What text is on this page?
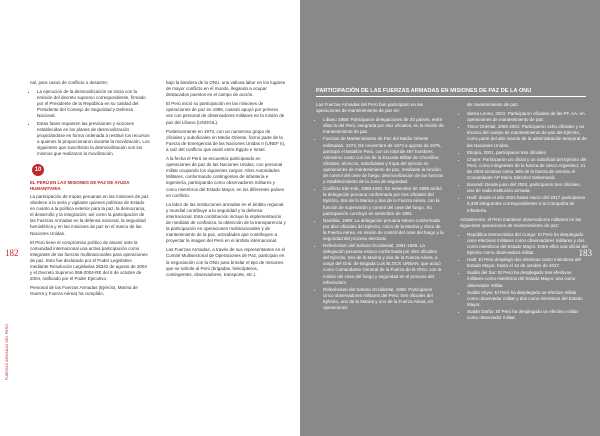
FUERZAS ARMADAS DEL PERÚ
182

nal, para casos de conflicto o desastre;

• La ejecución de la desmovilización se inicia con la emisión del decreto supremo correspondiente, firmado por el Presidente de la República en su calidad del Presidente del Consejo de Seguridad y Defensa Nacional.
• Estas fases requieren las previsiones y acciones establecidas en los planes de desmovilización propiciándose en forma ordenada a restituir los recursos a quienes lo proporcionaron durante la movilización. Los siguientes que suscribirán la desmovilización son los mismos que realizaron la movilización.
10
EL PERÚ EN LAS MISIONES DE PAZ DE AYUDA HUMANITARIA

La participación de tropas peruanas en las misiones de paz obedece a la seria y vigilante quienes políticas de Estado en cuanto a la política exterior para la paz, la democracia, el desarrollo y la integración; así como la participación de las Fuerzas Armadas en la defensa nacional, la seguridad hemisférica y en las misiones de paz en el marco de las Naciones Unidas.

El Perú tiene el compromiso político de asumir ante la comunidad internacional una activa participación como integrante de las fuerzas multinacionales para operaciones de paz. Esto fue declarado por el Poder Legislativo mediante Resolución Legislativa 28342 de agosto de 2004 y el Decreto Supremo 069-2004-RE del 6 de octubre de 2004, ratificado por el Poder Ejecutivo.

Personal de las Fuerzas Armadas (Ejército, Marina de Guerra y Fuerza Aérea) ha cumplido,

bajo la bandera de la ONU, una valiosa labor en los lugares de mayor conflicto en el mundo, llegando a ocupar destacados puestos en el campo de acción.

El Perú inició su participación en las misiones de operaciones de paz en 1958, cuando apoyó por primera vez con personal de observadores militares en la misión de paz del Líbano (UNOGIL).

Posteriormente en 1973, con un numeroso grupo de oficiales y suboficiales en Medio Oriente, formó parte de la Fuerza de Emergencia de las Naciones Unidas II (UNEF II), a raíz del conflicto que asoló entre Egipto e Israel.

A la fecha el Perú se encuentra participando en operaciones de paz de las Naciones Unidas, con personal militar ocupando los siguientes cargos: Altos Autoridades Militares, conformando contingentes de infantería e ingeniería, participando como observadores militares y como miembros del Estado Mayor, en los diferentes países en conflicto.

La labor de las instituciones armadas en el ámbito regional y mundial contribuye a la seguridad y la defensa internacional. Esta contribución incluye la implementación de medidas de confianza, la obtención de la transparencia y la participación en operaciones multinacionales y de mantenimiento de la paz, actividades que contribuyen a proyectar la imagen del Perú en el ámbito internacional.

Las Fuerzas Armadas, a través de sus representantes en el Comité Multisectorial de Operaciones de Paz, participan en la negociación con la ONU para brindar el tipo de misiones que se solicite al Perú (brigadas, helicópteros, contingentes, observadores, transporte, etc.).

183
PARTICIPACIÓN DE LAS FUERZAS ARMADAS EN MISIONES DE PAZ DE LA ONU

Las Fuerzas Armadas del Perú han participado en las operaciones de mantenimiento de paz en:

• Líbano 1958: Participaron delegaciones de 20 países, entre ellas la del Perú, integrada por diez oficiales, en la misión de mantenimiento de paz.
• Fuerzas de Mantenimiento de Paz del Medio Oriente enlistadas, 1974; De noviembre de 1973 a agosto de 1975, participó el Batallón Perú, con un total de 497 hombres. Asimismo contó con los de la Escuela Militar de Chorrillos; oficiales, técnicos, suboficiales y tropa del ejército en operaciones de mantenimiento de paz, mediante la función de control del cese de fuego, desmovilización de las fuerzas y establecimiento de la zona de seguridad.
• Conflicto Irán-Irak, 1988-1991: En setiembre de 1988 arribó la delegación peruana conformada por tres oficiales del Ejército, dos de la Marina y dos de la Fuerza Aérea, con la función de supervisión y control del cese del fuego. Su participación concluyó en setiembre de 1991.
• Namibia, 1989: La delegación peruana estuvo conformada por diez oficiales del Ejército, cinco de la Marina y cinco de la Fuerza Aérea, en misión de control del cese del fuego y la seguridad del proceso electoral.
• Referéndum del Sahara Occidental, 1991-1995: La delegación peruana estuvo conformada por diez oficiales del Ejército, tres de la Marina y dos de la Fuerza Aérea, a cargo del Gral. de Brigada Luis BLOCK URBAN, que actuó como Comandante General de la Fuerza de la ONU, con la misión del cese del fuego y seguridad en el proceso del referéndum.
• Referéndum del Sahara Occidental, 1996: Participaron cinco observadores militares del Perú: tres oficiales del Ejército, uno de la Marina y uno de la Fuerza Aérea, en operaciones

de mantenimiento de paz.

• Sierra Leona, 2001: Participaron oficiales de las FF. AA. en operaciones de mantenimiento de paz.
• Timor Oriental, 2000-2001: Participaron ocho oficiales y un técnico del cuerpo de mantenimiento de paz del Ejército, como parte del alto mando de la administración temporal de las Naciones Unidas.
• Etiopía, 2001, participaron tres oficiales.
• Chipre: Participaron un oficial y un suboficial del Ejército del Perú, como integrantes de la fuerza de casco Argentino; 21 de 2003 tomaron como Jefe de la fuerza de servicio el Comandante AP Mario Sánchez Debernardi.
• Burundi: Desde junio del 2004, participaron tres oficiales, uno de cada institución armada.
• Haití: desde el año 2004 hasta marzo del 2017 participaron 6,339 integrantes correspondientes a la Compañía de Infantería.

Actualmente, el Perú mantiene observadores militares en las siguientes operaciones de mantenimiento de paz:

• República Democrática del Congo: El Perú ha desplegado once efectivos militares como observadores militares y dos como miembros del Estado Mayor. Entre ellos una oficial del Ejército como observadora militar.
• Haití: El Perú desplegó dos efectivos como miembros del Estado Mayor, hasta el 15 de octubre de 2017.
• Sudán del Sur: El Perú ha desplegado tres efectivos militares como miembros del Estado Mayor, uno como observador militar.
• Sudán Abyei: El Perú ha desplegado un efectivo militar como observador militar y dos como miembros del Estado Mayor.
• Sudán Darfur: El Perú ha desplegado un efectivo militar como observador militar.
